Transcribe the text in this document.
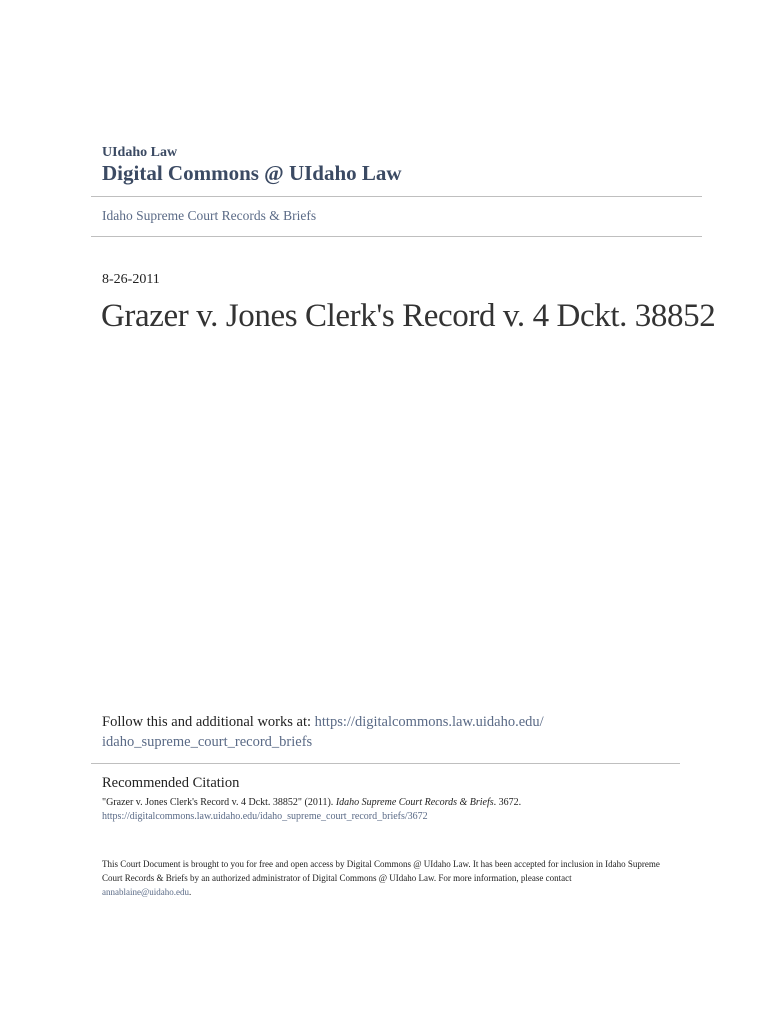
UIdaho Law
Digital Commons @ UIdaho Law
Idaho Supreme Court Records & Briefs
8-26-2011
Grazer v. Jones Clerk's Record v. 4 Dckt. 38852
Follow this and additional works at: https://digitalcommons.law.uidaho.edu/
idaho_supreme_court_record_briefs
Recommended Citation
"Grazer v. Jones Clerk's Record v. 4 Dckt. 38852" (2011). Idaho Supreme Court Records & Briefs. 3672.
https://digitalcommons.law.uidaho.edu/idaho_supreme_court_record_briefs/3672
This Court Document is brought to you for free and open access by Digital Commons @ UIdaho Law. It has been accepted for inclusion in Idaho Supreme Court Records & Briefs by an authorized administrator of Digital Commons @ UIdaho Law. For more information, please contact annablaine@uidaho.edu.
